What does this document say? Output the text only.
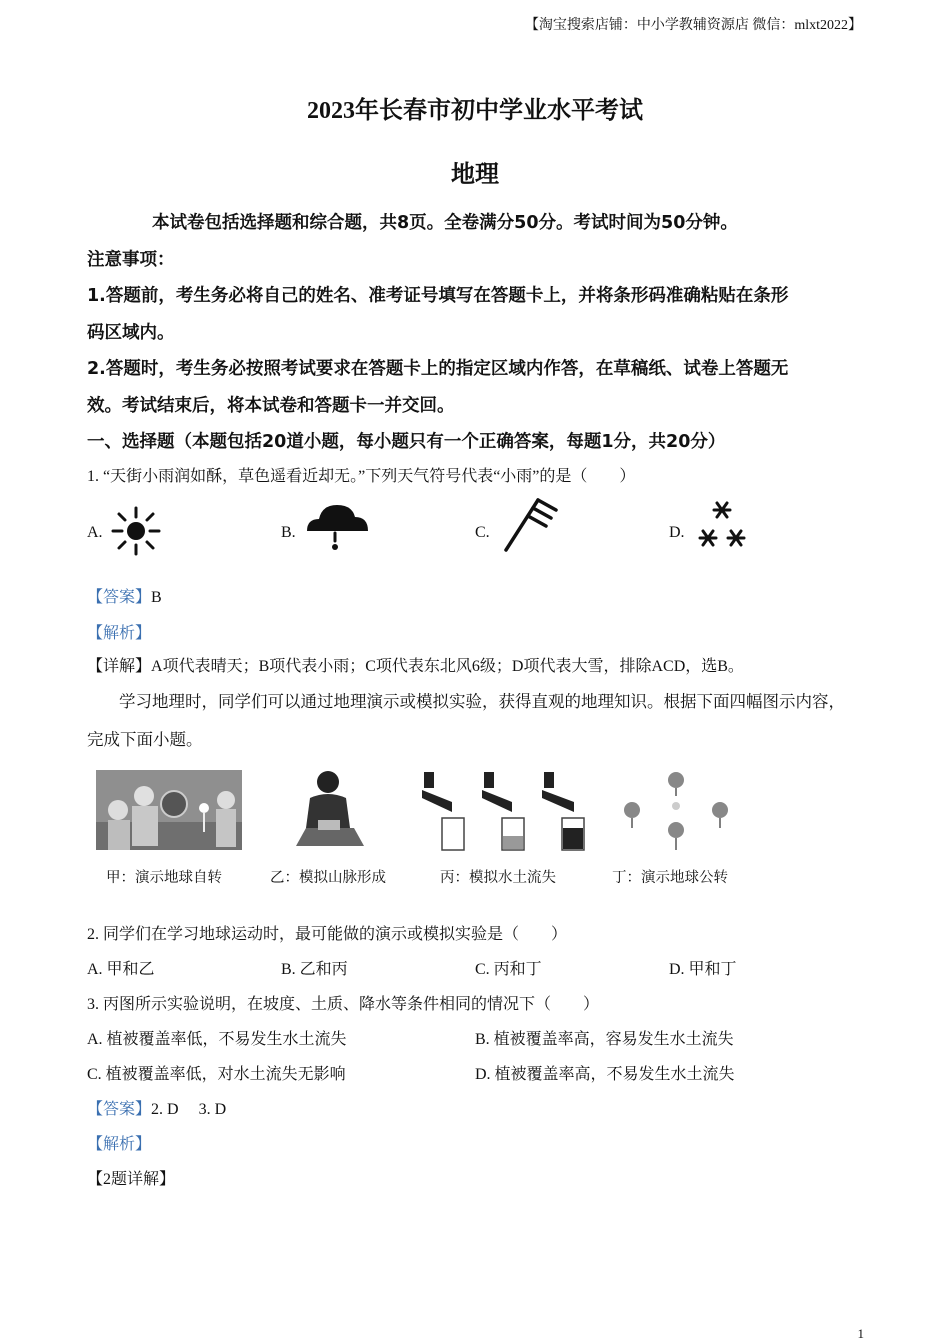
【淘宝搜索店铺：中小学教辅资源店 微信：mlxt2022】
2023年长春市初中学业水平考试
地理
本试卷包括选择题和综合题，共8页。全卷满分50分。考试时间为50分钟。
注意事项：
1.答题前，考生务必将自己的姓名、准考证号填写在答题卡上，并将条形码准确粘贴在条形
码区域内。
2.答题时，考生务必按照考试要求在答题卡上的指定区域内作答，在草稿纸、试卷上答题无
效。考试结束后，将本试卷和答题卡一并交回。
一、选择题（本题包括20道小题，每小题只有一个正确答案，每题1分，共20分）
1. “天街小雨润如酥，草色遥看近却无。”下列天气符号代表“小雨”的是（　　）
A.	B.	C.	D.
【答案】B
【解析】
【详解】A项代表晴天；B项代表小雨；C项代表东北风6级；D项代表大雪，排除ACD，选B。
学习地理时，同学们可以通过地理演示或模拟实验，获得直观的地理知识。根据下面四幅图示内容，
完成下面小题。
甲：演示地球自转	乙：模拟山脉形成	丙：模拟水土流失	丁：演示地球公转
2. 同学们在学习地球运动时，最可能做的演示或模拟实验是（　　）
A. 甲和乙	B. 乙和丙	C. 丙和丁	D. 甲和丁
3. 丙图所示实验说明，在坡度、土质、降水等条件相同的情况下（　　）
A. 植被覆盖率低，不易发生水土流失	B. 植被覆盖率高，容易发生水土流失
C. 植被覆盖率低，对水土流失无影响	D. 植被覆盖率高，不易发生水土流失
【答案】2. D　 3. D
【解析】
【2题详解】
1
